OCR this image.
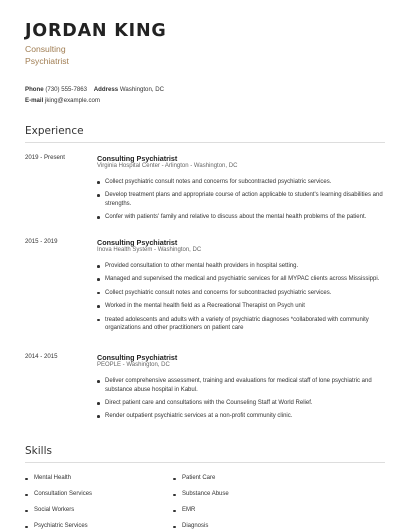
JORDAN KING
Consulting
Psychiatrist
Phone (730) 555-7863 Address Washington, DC
E-mail jking@example.com
Experience
2019 - Present	Consulting Psychiatrist
Virginia Hospital Center - Arlington - Washington, DC
Collect psychiatric consult notes and concerns for subcontracted psychiatric services.
Develop treatment plans and appropriate course of action applicable to student's learning disabilities and strengths.
Confer with patients' family and relative to discuss about the mental health problems of the patient.
2015 - 2019	Consulting Psychiatrist
Inova Health System - Washington, DC
Provided consultation to other mental health providers in hospital setting.
Managed and supervised the medical and psychiatric services for all MYPAC clients across Mississippi.
Collect psychiatric consult notes and concerns for subcontracted psychiatric services.
Worked in the mental health field as a Recreational Therapist on Psych unit
treated adolescents and adults with a variety of psychiatric diagnoses *collaborated with community organizations and other practitioners on patient care
2014 - 2015	Consulting Psychiatrist
PEOPLE - Washington, DC
Deliver comprehensive assessment, training and evaluations for medical staff of lone psychiatric and substance abuse hospital in Kabul.
Direct patient care and consultations with the Counseling Staff at World Relief.
Render outpatient psychiatric services at a non-profit community clinic.
Skills
Mental Health
Consultation Services
Social Workers
Psychiatric Services
Patient Care
Substance Abuse
EMR
Diagnosis
